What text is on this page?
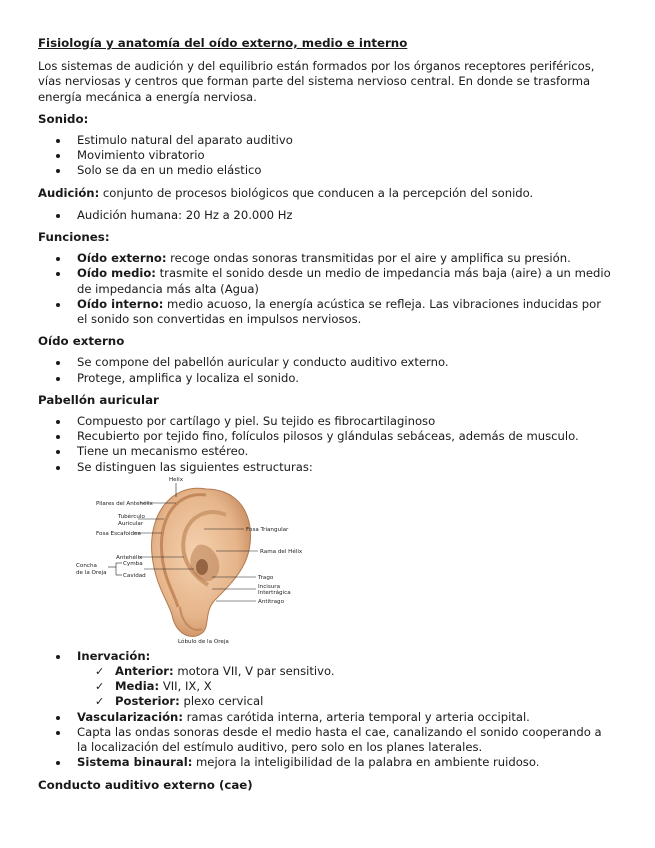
Fisiología y anatomía del oído externo, medio e interno

Los sistemas de audición y del equilibrio están formados por los órganos receptores periféricos, vías nerviosas y centros que forman parte del sistema nervioso central. En donde se trasforma energía mecánica a energía nerviosa.

Sonido:
Estimulo natural del aparato auditivo
Movimiento vibratorio
Solo se da en un medio elástico

Audición: conjunto de procesos biológicos que conducen a la percepción del sonido.

Audición humana: 20 Hz a 20.000 Hz
Funciones:
Oído externo: recoge ondas sonoras transmitidas por el aire y amplifica su presión.
Oído medio: trasmite el sonido desde un medio de impedancia más baja (aire) a un medio de impedancia más alta (Agua)
Oído interno: medio acuoso, la energía acústica se refleja. Las vibraciones inducidas por el sonido son convertidas en impulsos nerviosos.
Oído externo
Se compone del pabellón auricular y conducto auditivo externo.
Protege, amplifica y localiza el sonido.
Pabellón auricular
Compuesto por cartílago y piel. Su tejido es fibrocartilaginoso
Recubierto por tejido fino, folículos pilosos y glándulas sebáceas, además de musculo.
Tiene un mecanismo estéreo.
Se distinguen las siguientes estructuras:
Helix
Pilares del Antehélix
Tubérculo
Auricular
Fosa Escafoidea
Fosa Triangular
Antehélix
Rama del Hélix
Concha
de la Oreja
Cymba
Cavidad	Trago
Incisura
Intertrágica
Antitrago
Lóbulo de la Oreja
Inervación:
✓ Anterior: motora VII, V par sensitivo.
✓ Media: VII, IX, X
✓ Posterior: plexo cervical
Vascularización: ramas carótida interna, arteria temporal y arteria occipital.
Capta las ondas sonoras desde el medio hasta el cae, canalizando el sonido cooperando a la localización del estímulo auditivo, pero solo en los planes laterales.
Sistema binaural: mejora la inteligibilidad de la palabra en ambiente ruidoso.
Conducto auditivo externo (cae)
